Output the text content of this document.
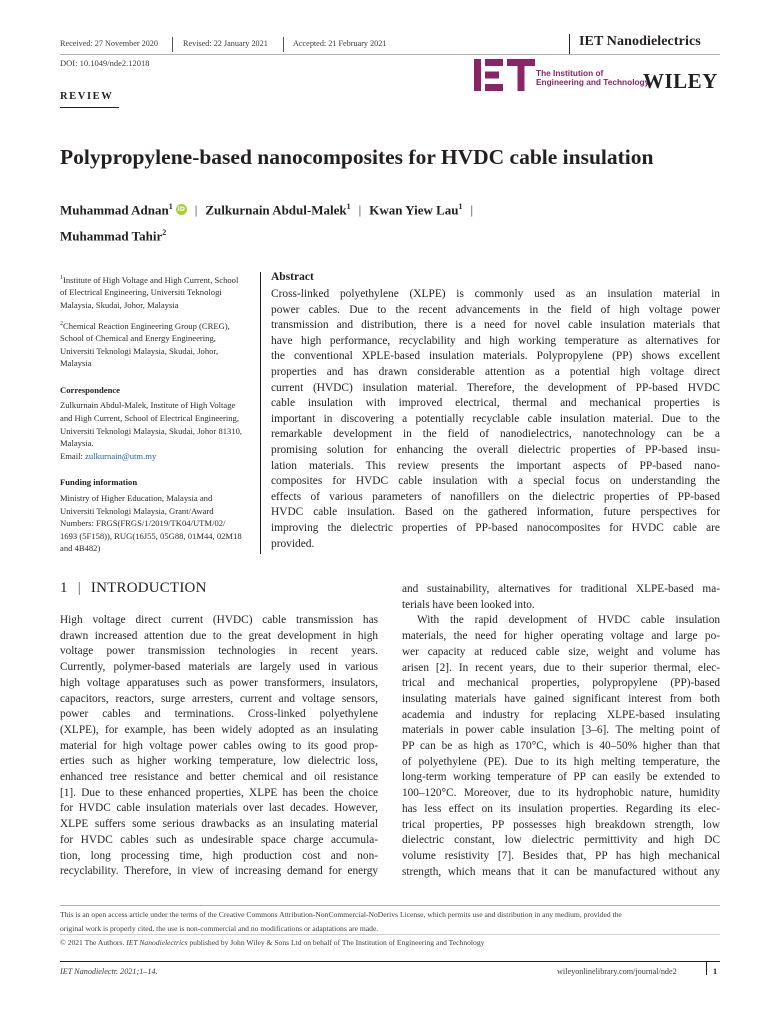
Received: 27 November 2020	Revised: 22 January 2021	Accepted: 21 February 2021	IET Nanodielectrics
DOI: 10.1049/nde2.12018
The Institution of
Engineering and Technology
WILEY
REVIEW
Polypropylene-based nanocomposites for HVDC cable insulation
Muhammad Adnan$^1$ iD | Zulkurnain Abdul-Malek$^1$ | Kwan Yiew Lau$^1$ |
Muhammad Tahir$^2$
$^1$Institute of High Voltage and High Current, School
of Electrical Engineering, Universiti Teknologi
Malaysia, Skudai, Johor, Malaysia
$^2$Chemical Reaction Engineering Group (CREG),
School of Chemical and Energy Engineering,
Universiti Teknologi Malaysia, Skudai, Johor,
Malaysia
Correspondence
Zulkurnain Abdul-Malek, Institute of High Voltage
and High Current, School of Electrical Engineering,
Universiti Teknologi Malaysia, Skudai, Johor 81310,
Malaysia.
Email: zulkurnain@utm.my
Funding information
Ministry of Higher Education, Malaysia and
Universiti Teknologi Malaysia, Grant/Award
Numbers: FRGS(FRGS/1/2019/TK04/UTM/02/
1693 (5F158)), RUG(16J55, 05G88, 01M44, 02M18
and 4B482)
Abstract
Cross-linked polyethylene (XLPE) is commonly used as an insulation material in
power cables. Due to the recent advancements in the field of high voltage power
transmission and distribution, there is a need for novel cable insulation materials that
have high performance, recyclability and high working temperature as alternatives for
the conventional XPLE-based insulation materials. Polypropylene (PP) shows excellent
properties and has drawn considerable attention as a potential high voltage direct
current (HVDC) insulation material. Therefore, the development of PP-based HVDC
cable insulation with improved electrical, thermal and mechanical properties is
important in discovering a potentially recyclable cable insulation material. Due to the
remarkable development in the field of nanodielectrics, nanotechnology can be a
promising solution for enhancing the overall dielectric properties of PP-based insu-
lation materials. This review presents the important aspects of PP-based nano-
composites for HVDC cable insulation with a special focus on understanding the
effects of various parameters of nanofillers on the dielectric properties of PP-based
HVDC cable insulation. Based on the gathered information, future perspectives for
improving the dielectric properties of PP-based nanocomposites for HVDC cable are
provided.
1 | INTRODUCTION
High voltage direct current (HVDC) cable transmission has
drawn increased attention due to the great development in high
voltage power transmission technologies in recent years.
Currently, polymer-based materials are largely used in various
high voltage apparatuses such as power transformers, insulators,
capacitors, reactors, surge arresters, current and voltage sensors,
power cables and terminations. Cross-linked polyethylene
(XLPE), for example, has been widely adopted as an insulating
material for high voltage power cables owing to its good prop-
erties such as higher working temperature, low dielectric loss,
enhanced tree resistance and better chemical and oil resistance
[1]. Due to these enhanced properties, XLPE has been the choice
for HVDC cable insulation materials over last decades. However,
XLPE suffers some serious drawbacks as an insulating material
for HVDC cables such as undesirable space charge accumula-
tion, long processing time, high production cost and non-
recyclability. Therefore, in view of increasing demand for energy
and sustainability, alternatives for traditional XLPE-based ma-
terials have been looked into.
With the rapid development of HVDC cable insulation
materials, the need for higher operating voltage and large po-
wer capacity at reduced cable size, weight and volume has
arisen [2]. In recent years, due to their superior thermal, elec-
trical and mechanical properties, polypropylene (PP)-based
insulating materials have gained significant interest from both
academia and industry for replacing XLPE-based insulating
materials in power cable insulation [3–6]. The melting point of
PP can be as high as 170°C, which is 40–50% higher than that
of polyethylene (PE). Due to its high melting temperature, the
long-term working temperature of PP can easily be extended to
100–120°C. Moreover, due to its hydrophobic nature, humidity
has less effect on its insulation properties. Regarding its elec-
trical properties, PP possesses high breakdown strength, low
dielectric constant, low dielectric permittivity and high DC
volume resistivity [7]. Besides that, PP has high mechanical
strength, which means that it can be manufactured without any
This is an open access article under the terms of the Creative Commons Attribution-NonCommercial-NoDerivs License, which permits use and distribution in any medium, provided the
original work is properly cited, the use is non-commercial and no modifications or adaptations are made.
© 2021 The Authors. IET Nanodielectrics published by John Wiley & Sons Ltd on behalf of The Institution of Engineering and Technology
IET Nanodielectr. 2021;1–14.	wileyonlinelibrary.com/journal/nde2	1
